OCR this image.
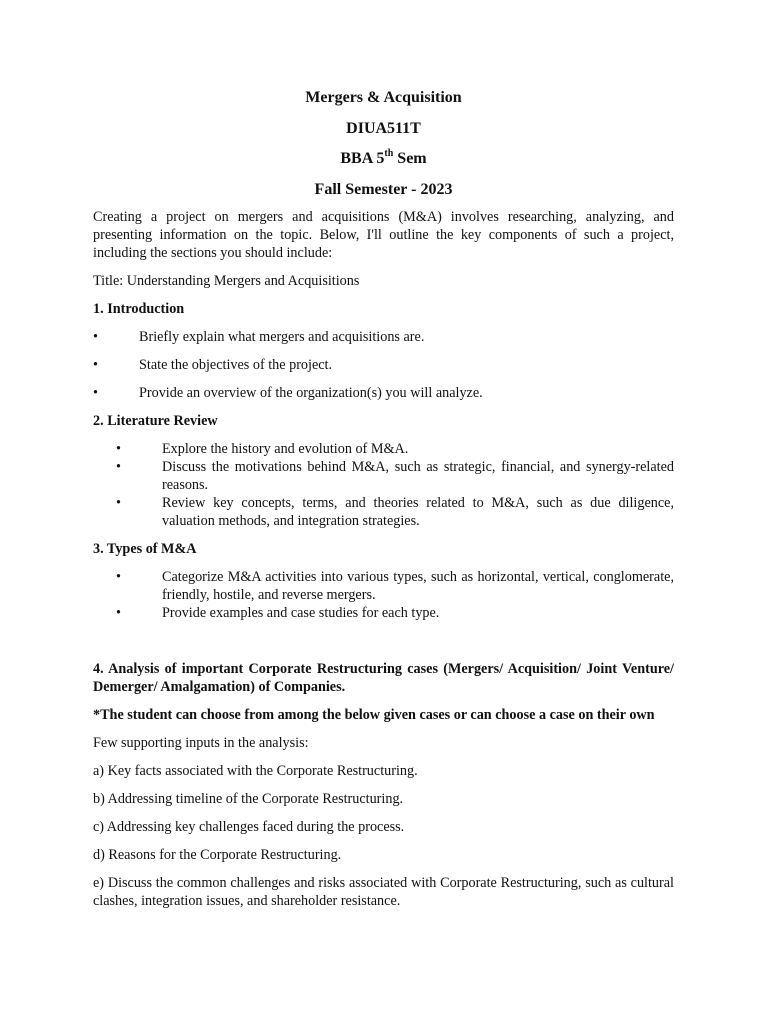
Mergers & Acquisition
DIUA511T
BBA 5th Sem
Fall Semester - 2023

Creating a project on mergers and acquisitions (M&A) involves researching, analyzing, and presenting information on the topic. Below, I'll outline the key components of such a project, including the sections you should include:

Title: Understanding Mergers and Acquisitions

1. Introduction

•	Briefly explain what mergers and acquisitions are.
•	State the objectives of the project.
•	Provide an overview of the organization(s) you will analyze.

2. Literature Review

•	Explore the history and evolution of M&A.
•	Discuss the motivations behind M&A, such as strategic, financial, and synergy-related reasons.
•	Review key concepts, terms, and theories related to M&A, such as due diligence, valuation methods, and integration strategies.

3. Types of M&A

•	Categorize M&A activities into various types, such as horizontal, vertical, conglomerate, friendly, hostile, and reverse mergers.
•	Provide examples and case studies for each type.

4. Analysis of important Corporate Restructuring cases (Mergers/ Acquisition/ Joint Venture/ Demerger/ Amalgamation) of Companies.

*The student can choose from among the below given cases or can choose a case on their own

Few supporting inputs in the analysis:

a) Key facts associated with the Corporate Restructuring.

b) Addressing timeline of the Corporate Restructuring.

c) Addressing key challenges faced during the process.

d) Reasons for the Corporate Restructuring.

e) Discuss the common challenges and risks associated with Corporate Restructuring, such as cultural clashes, integration issues, and shareholder resistance.
